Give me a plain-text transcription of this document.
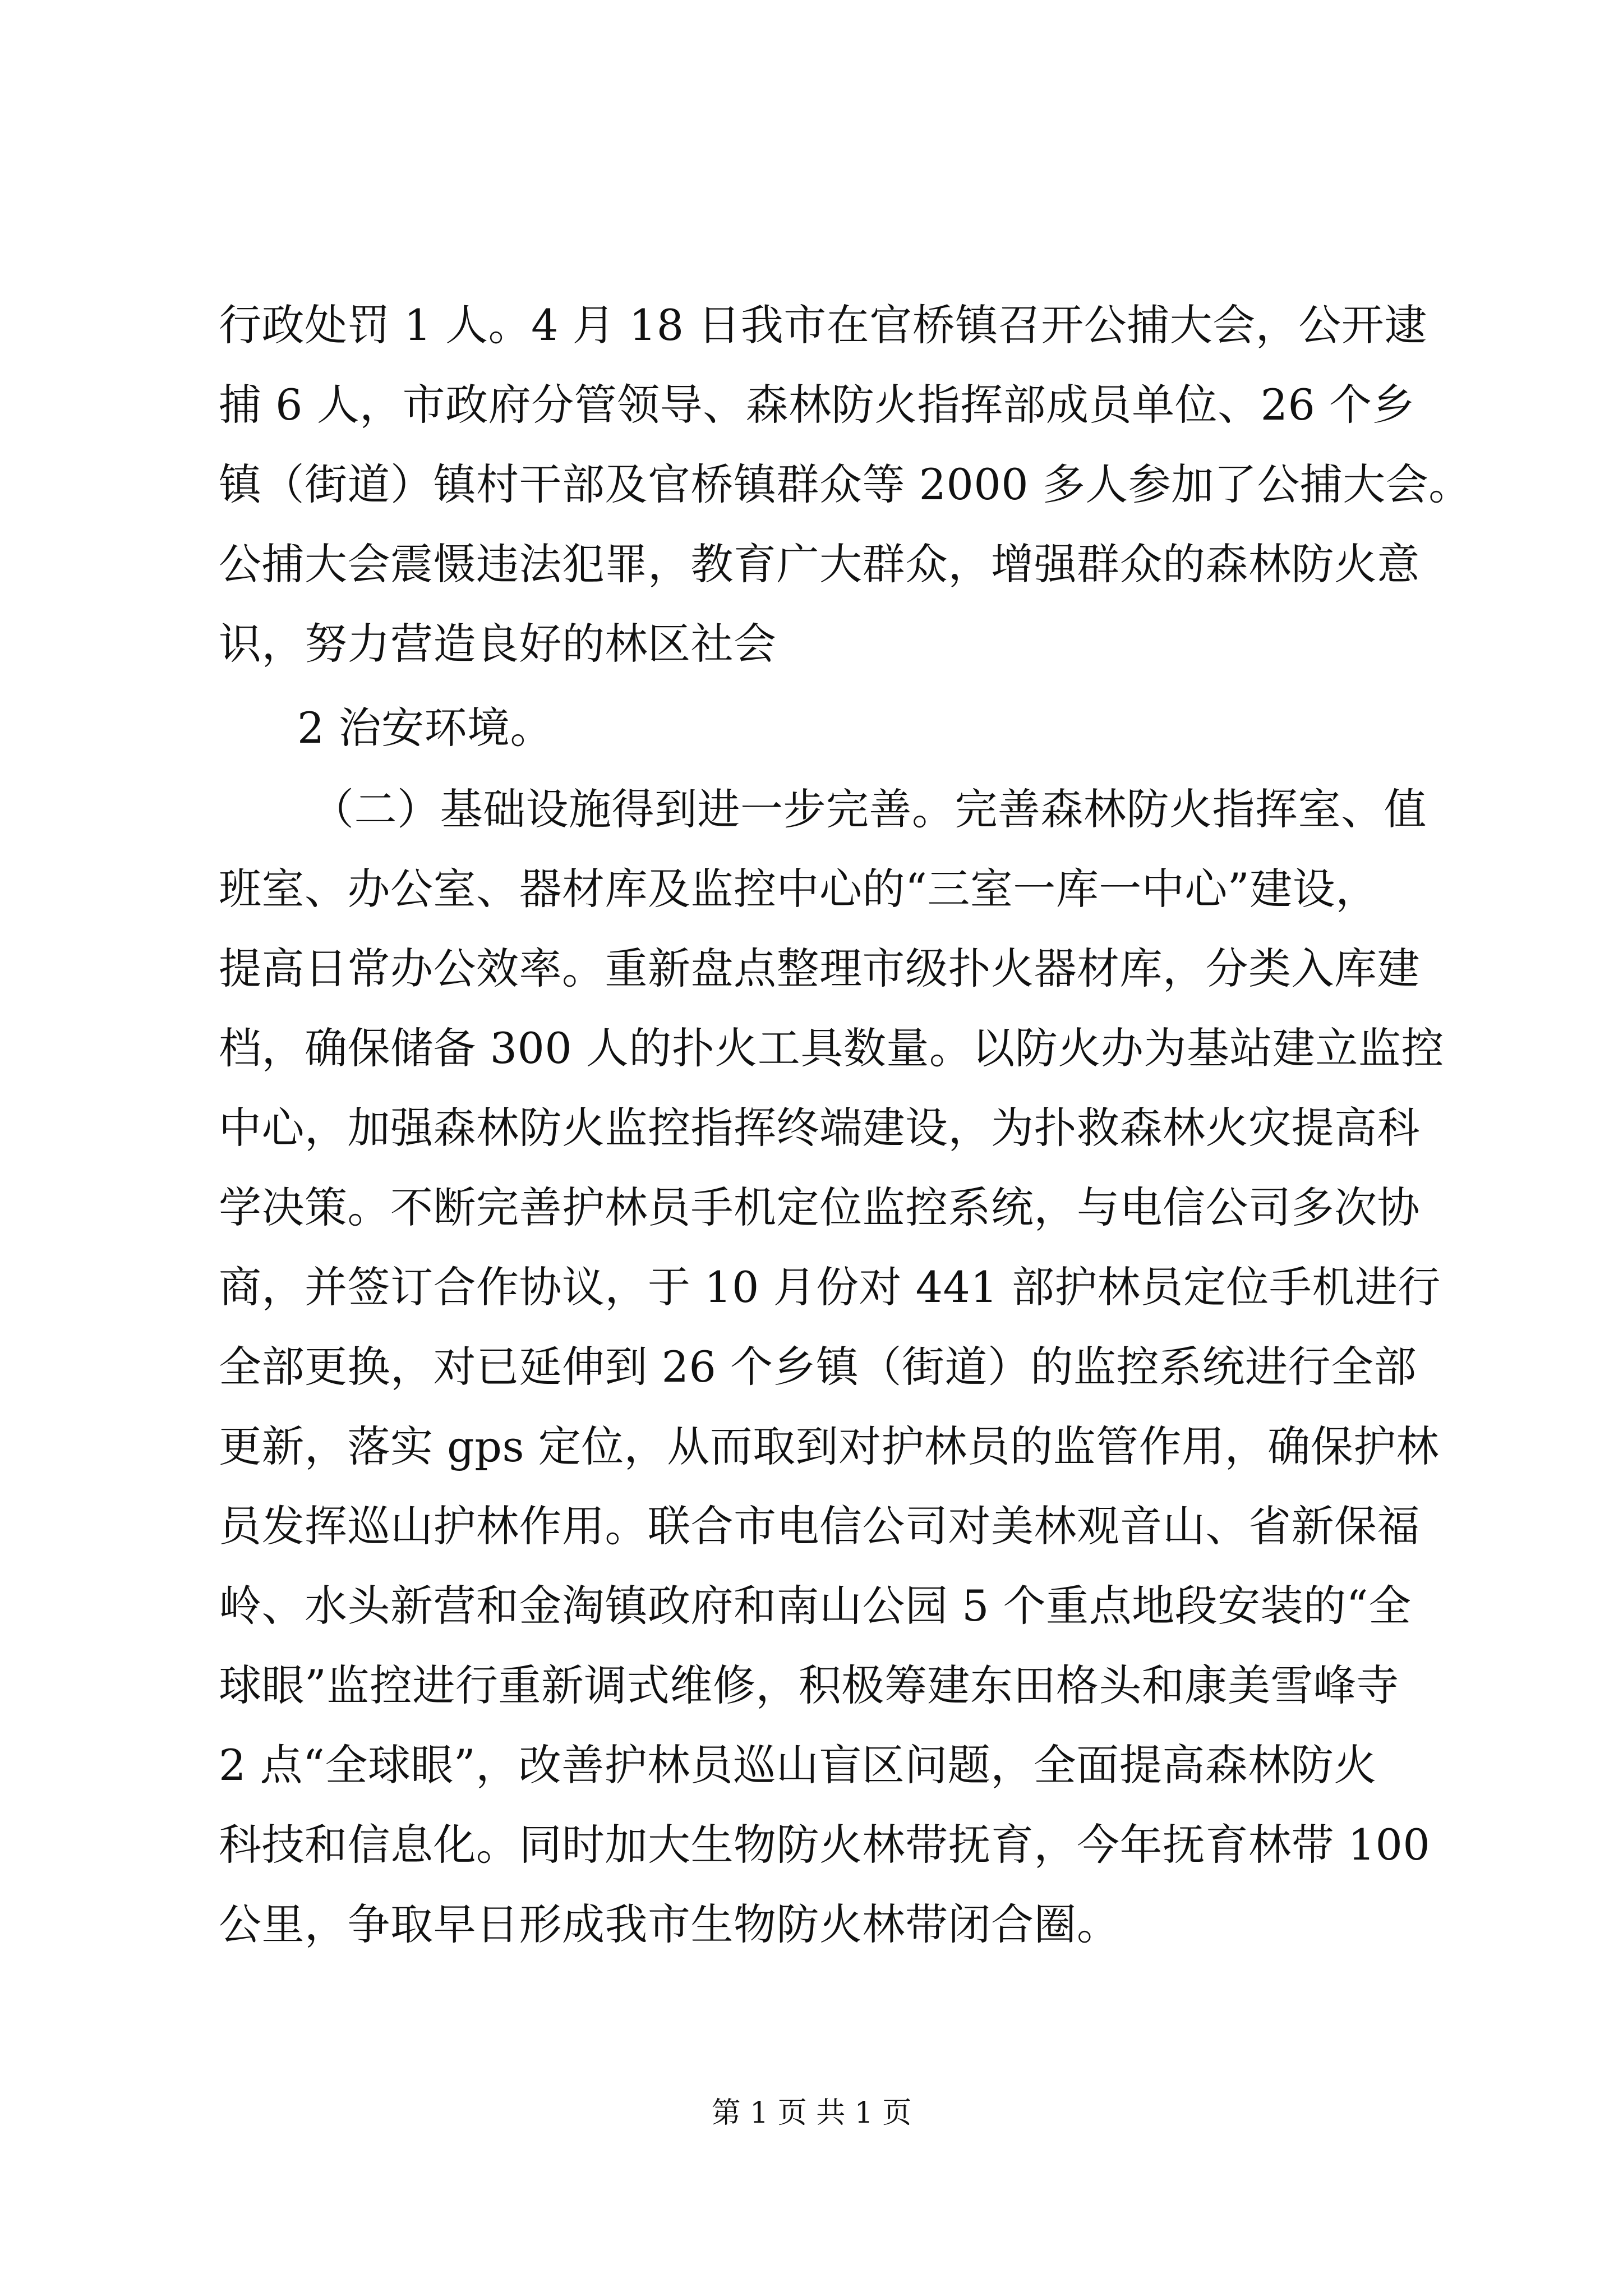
行政处罚 1 人。4 月 18 日我市在官桥镇召开公捕大会，公开逮
捕 6 人，市政府分管领导、森林防火指挥部成员单位、26 个乡
镇（街道）镇村干部及官桥镇群众等 2000 多人参加了公捕大会。
公捕大会震慑违法犯罪，教育广大群众，增强群众的森林防火意
识，努力营造良好的林区社会
2 治安环境。
（二）基础设施得到进一步完善。完善森林防火指挥室、值
班室、办公室、器材库及监控中心的“三室一库一中心”建设，
提高日常办公效率。重新盘点整理市级扑火器材库，分类入库建
档，确保储备 300 人的扑火工具数量。以防火办为基站建立监控
中心，加强森林防火监控指挥终端建设，为扑救森林火灾提高科
学决策。不断完善护林员手机定位监控系统，与电信公司多次协
商，并签订合作协议，于 10 月份对 441 部护林员定位手机进行
全部更换，对已延伸到 26 个乡镇（街道）的监控系统进行全部
更新，落实 gps 定位，从而取到对护林员的监管作用，确保护林
员发挥巡山护林作用。联合市电信公司对美林观音山、省新保福
岭、水头新营和金淘镇政府和南山公园 5 个重点地段安装的“全
球眼”监控进行重新调式维修，积极筹建东田格头和康美雪峰寺
2 点“全球眼”，改善护林员巡山盲区问题，全面提高森林防火
科技和信息化。同时加大生物防火林带抚育，今年抚育林带 100
公里，争取早日形成我市生物防火林带闭合圈。
第 1 页 共 1 页
